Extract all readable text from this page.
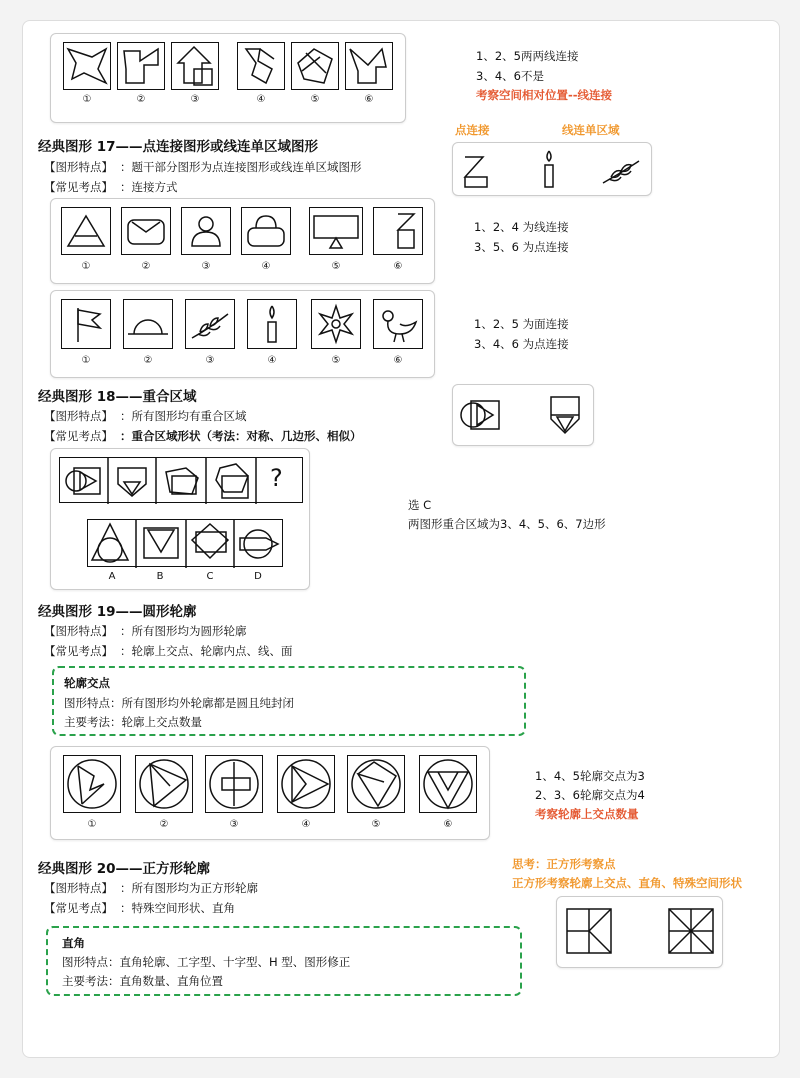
①	②	③	④	⑤	⑥
1、2、5两两线连接
3、4、6不是
考察空间相对位置--线连接
经典图形 17——点连接图形或线连单区域图形
【图形特点】 ：题干部分图形为点连接图形或线连单区域图形
【常见考点】 ：连接方式
点连接	线连单区域
①	②	③	④	⑤	⑥
1、2、4 为线连接
3、5、6 为点连接
①	②	③	④	⑤	⑥
1、2、5 为面连接
3、4、6 为点连接
经典图形 18——重合区域
【图形特点】 ：所有图形均有重合区域
【常见考点】 ：重合区域形状（考法：对称、几边形、相似）
?
A	B	C	D
选 C
两图形重合区域为3、4、5、6、7边形
经典图形 19——圆形轮廓
【图形特点】 ：所有图形均为圆形轮廓
【常见考点】 ：轮廓上交点、轮廓内点、线、面
轮廓交点
图形特点：所有图形均外轮廓都是圆且纯封闭
主要考法：轮廓上交点数量
①	②	③	④	⑤	⑥
1、4、5轮廓交点为3
2、3、6轮廓交点为4
考察轮廓上交点数量
经典图形 20——正方形轮廓
【图形特点】 ：所有图形均为正方形轮廓
【常见考点】 ：特殊空间形状、直角
思考：正方形考察点
正方形考察轮廓上交点、直角、特殊空间形状
直角
图形特点：直角轮廓、工字型、十字型、H 型、图形修正
主要考法：直角数量、直角位置
